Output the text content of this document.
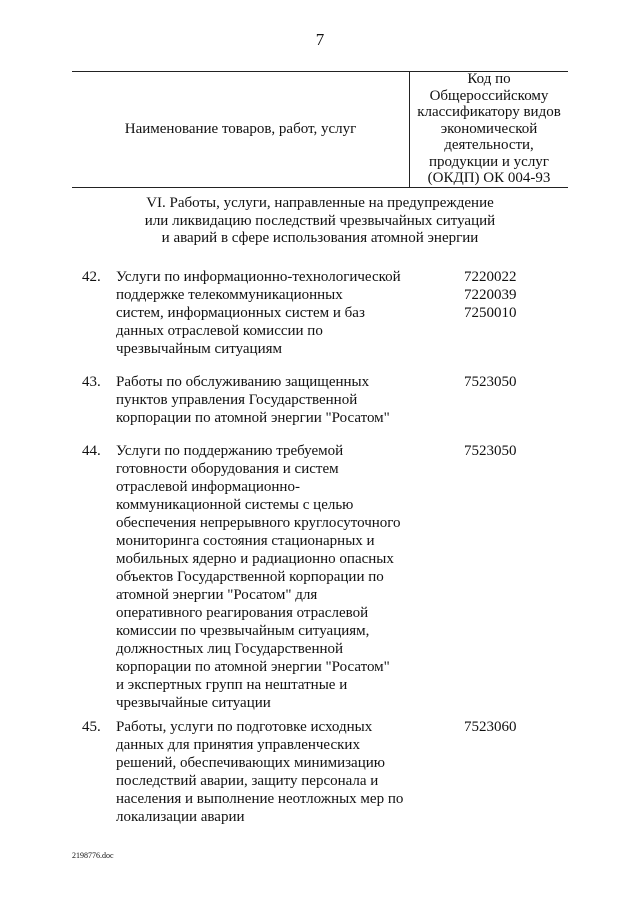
7
Наименование товаров, работ, услуг
Код по
Общероссийскому
классификатору видов
экономической
деятельности,
продукции и услуг
(ОКДП) ОК 004-93
VI. Работы, услуги, направленные на предупреждение
или ликвидацию последствий чрезвычайных ситуаций
и аварий в сфере использования атомной энергии
42. Услуги по информационно-технологической
поддержке телекоммуникационных
систем, информационных систем и баз
данных отраслевой комиссии по
чрезвычайным ситуациям
7220022
7220039
7250010
43. Работы по обслуживанию защищенных
пунктов управления Государственной
корпорации по атомной энергии "Росатом"
7523050
44. Услуги по поддержанию требуемой
готовности оборудования и систем
отраслевой информационно-
коммуникационной системы с целью
обеспечения непрерывного круглосуточного
мониторинга состояния стационарных и
мобильных ядерно и радиационно опасных
объектов Государственной корпорации по
атомной энергии "Росатом" для
оперативного реагирования отраслевой
комиссии по чрезвычайным ситуациям,
должностных лиц Государственной
корпорации по атомной энергии "Росатом"
и экспертных групп на нештатные и
чрезвычайные ситуации
7523050
45. Работы, услуги по подготовке исходных
данных для принятия управленческих
решений, обеспечивающих минимизацию
последствий аварии, защиту персонала и
населения и выполнение неотложных мер по
локализации аварии
7523060
2198776.doc
